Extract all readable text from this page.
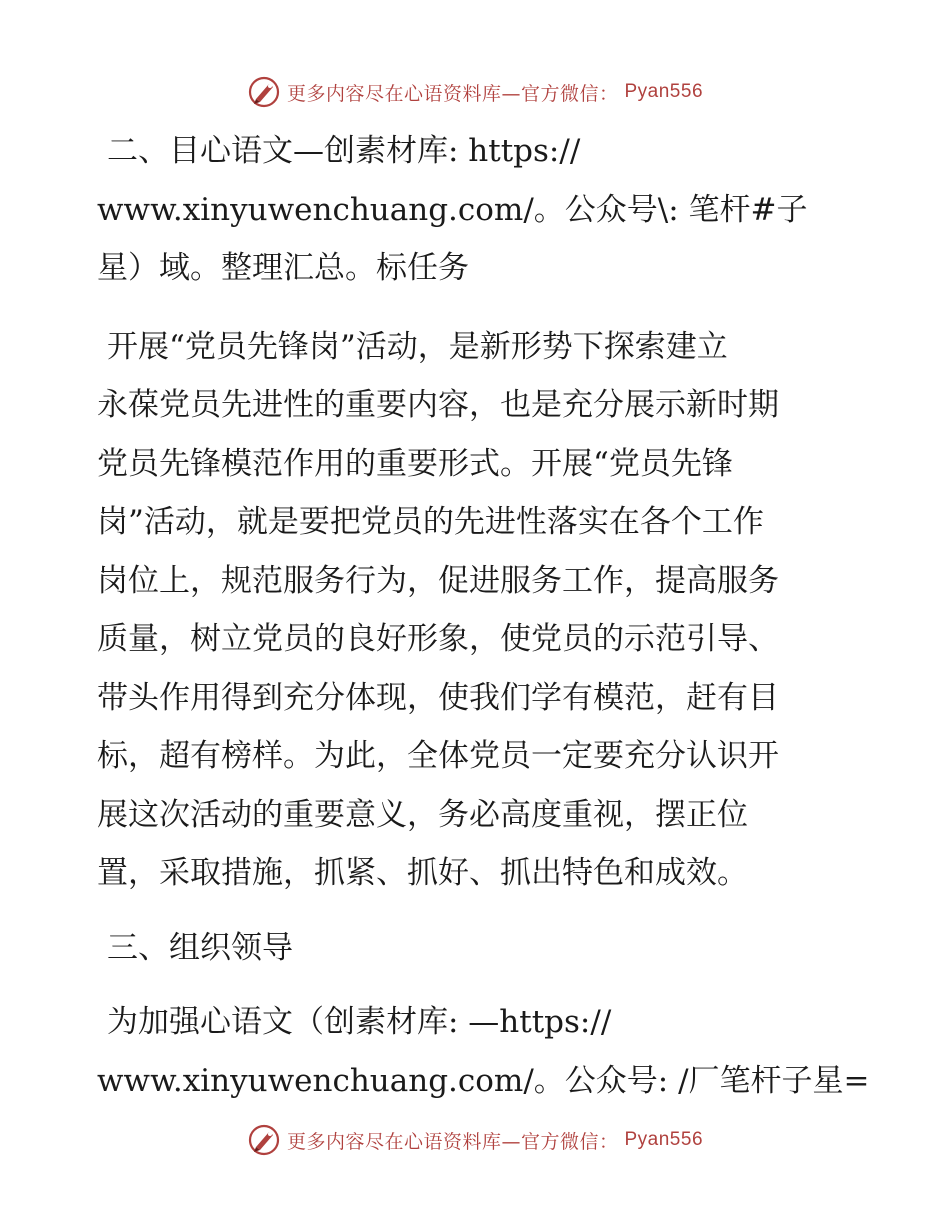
更多内容尽在心语资料库—官方微信： Pyan556
二、目心语文—创素材库: https://
www.xinyuwenchuang.com/。公众号\: 笔杆#子
星）域。整理汇总。标任务
开展“党员先锋岗”活动，是新形势下探索建立
永葆党员先进性的重要内容，也是充分展示新时期
党员先锋模范作用的重要形式。开展“党员先锋
岗”活动，就是要把党员的先进性落实在各个工作
岗位上，规范服务行为，促进服务工作，提高服务
质量，树立党员的良好形象，使党员的示范引导、
带头作用得到充分体现，使我们学有模范，赶有目
标，超有榜样。为此，全体党员一定要充分认识开
展这次活动的重要意义，务必高度重视，摆正位
置，采取措施，抓紧、抓好、抓出特色和成效。
三、组织领导
为加强心语文（创素材库: —https://
www.xinyuwenchuang.com/。公众号: /厂笔杆子星=
更多内容尽在心语资料库—官方微信： Pyan556
